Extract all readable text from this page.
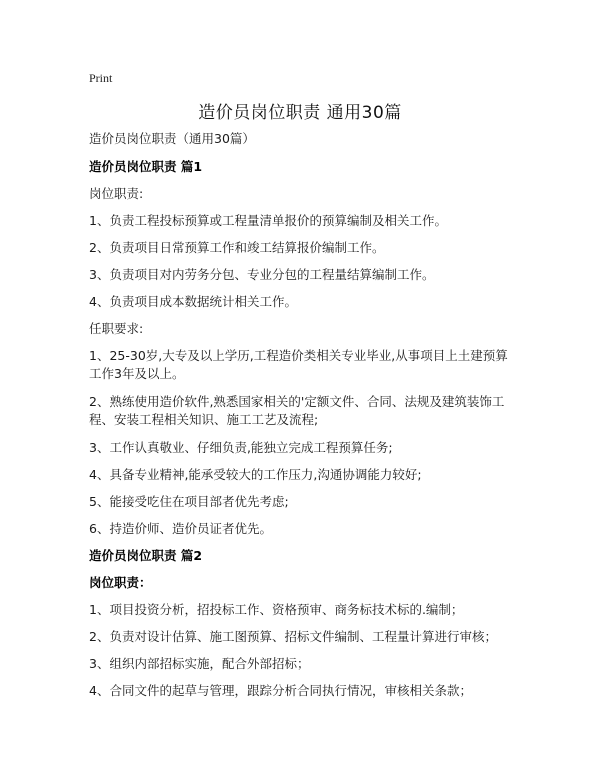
Print
造价员岗位职责 通用30篇

造价员岗位职责（通用30篇）

造价员岗位职责 篇1

岗位职责:

1、负责工程投标预算或工程量清单报价的预算编制及相关工作。

2、负责项目日常预算工作和竣工结算报价编制工作。

3、负责项目对内劳务分包、专业分包的工程量结算编制工作。

4、负责项目成本数据统计相关工作。

任职要求:

1、25-30岁,大专及以上学历,工程造价类相关专业毕业,从事项目上土建预算工作3年及以上。

2、熟练使用造价软件,熟悉国家相关的'定额文件、合同、法规及建筑装饰工程、安装工程相关知识、施工工艺及流程;

3、工作认真敬业、仔细负责,能独立完成工程预算任务;

4、具备专业精神,能承受较大的工作压力,沟通协调能力较好;

5、能接受吃住在项目部者优先考虑;

6、持造价师、造价员证者优先。

造价员岗位职责 篇2

岗位职责：

1、项目投资分析，招投标工作、资格预审、商务标技术标的.编制；

2、负责对设计估算、施工图预算、招标文件编制、工程量计算进行审核；

3、组织内部招标实施，配合外部招标；

4、合同文件的起草与管理，跟踪分析合同执行情况，审核相关条款；
